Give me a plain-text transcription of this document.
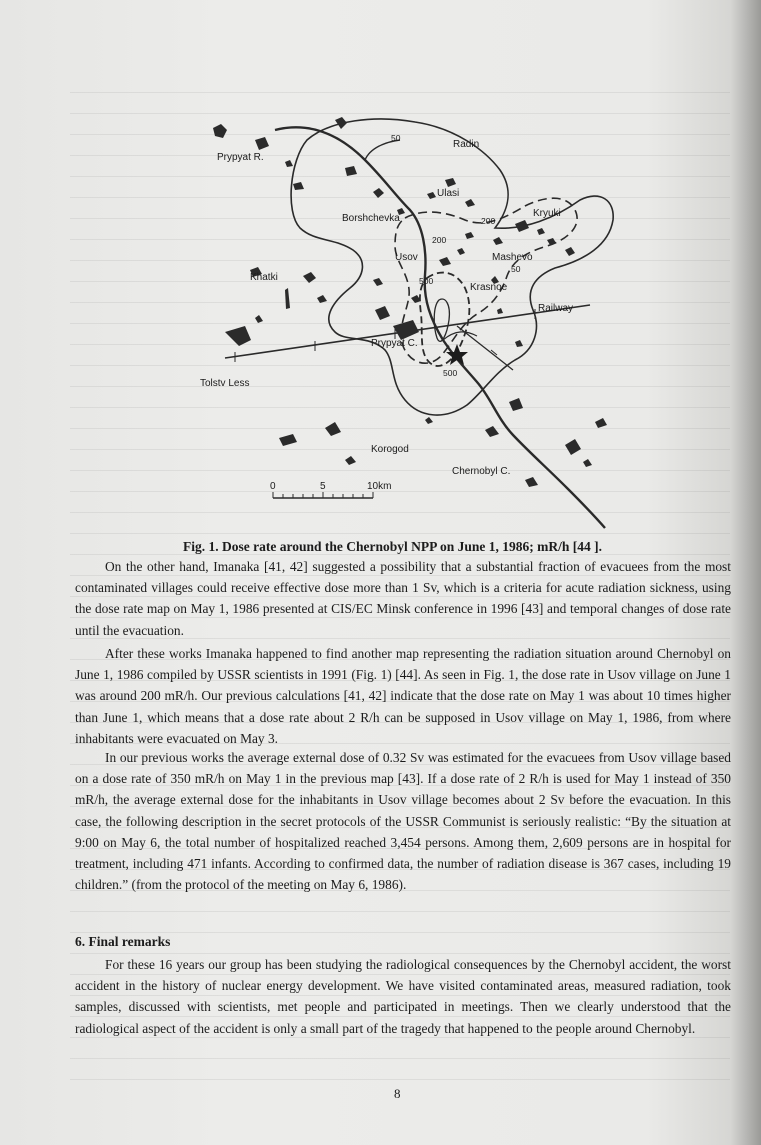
Prypyat R.
Radin
Ulasi
Borshchevka	Kryuki
Usov	Mashevo
Khatki
Krasnoe
Railway
Prypyat C.
Tolstv Less
Korogod
Chernobyl C.
50
200
200
50
500
500
0	5	10km
Fig. 1. Dose rate around the Chernobyl NPP on June 1, 1986; mR/h [44 ].

On the other hand, Imanaka [41, 42] suggested a possibility that a substantial fraction of evacuees from the most contaminated villages could receive effective dose more than 1 Sv, which is a criteria for acute radiation sickness, using the dose rate map on May 1, 1986 presented at CIS/EC Minsk conference in 1996 [43] and temporal changes of dose rate until the evacuation.

After these works Imanaka happened to find another map representing the radiation situation around Chernobyl on June 1, 1986 compiled by USSR scientists in 1991 (Fig. 1) [44]. As seen in Fig. 1, the dose rate in Usov village on June 1 was around 200 mR/h. Our previous calculations [41, 42] indicate that the dose rate on May 1 was about 10 times higher than June 1, which means that a dose rate about 2 R/h can be supposed in Usov village on May 1, 1986, from where inhabitants were evacuated on May 3.

In our previous works the average external dose of 0.32 Sv was estimated for the evacuees from Usov village based on a dose rate of 350 mR/h on May 1 in the previous map [43]. If a dose rate of 2 R/h is used for May 1 instead of 350 mR/h, the average external dose for the inhabitants in Usov village becomes about 2 Sv before the evacuation. In this case, the following description in the secret protocols of the USSR Communist is seriously realistic: “By the situation at 9:00 on May 6, the total number of hospitalized reached 3,454 persons. Among them, 2,609 persons are in hospital for treatment, including 471 infants. According to confirmed data, the number of radiation disease is 367 cases, including 19 children.” (from the protocol of the meeting on May 6, 1986).

6. Final remarks

For these 16 years our group has been studying the radiological consequences by the Chernobyl accident, the worst accident in the history of nuclear energy development. We have visited contaminated areas, measured radiation, took samples, discussed with scientists, met people and participated in meetings. Then we clearly understood that the radiological aspect of the accident is only a small part of the tragedy that happened to the people around Chernobyl.

8
